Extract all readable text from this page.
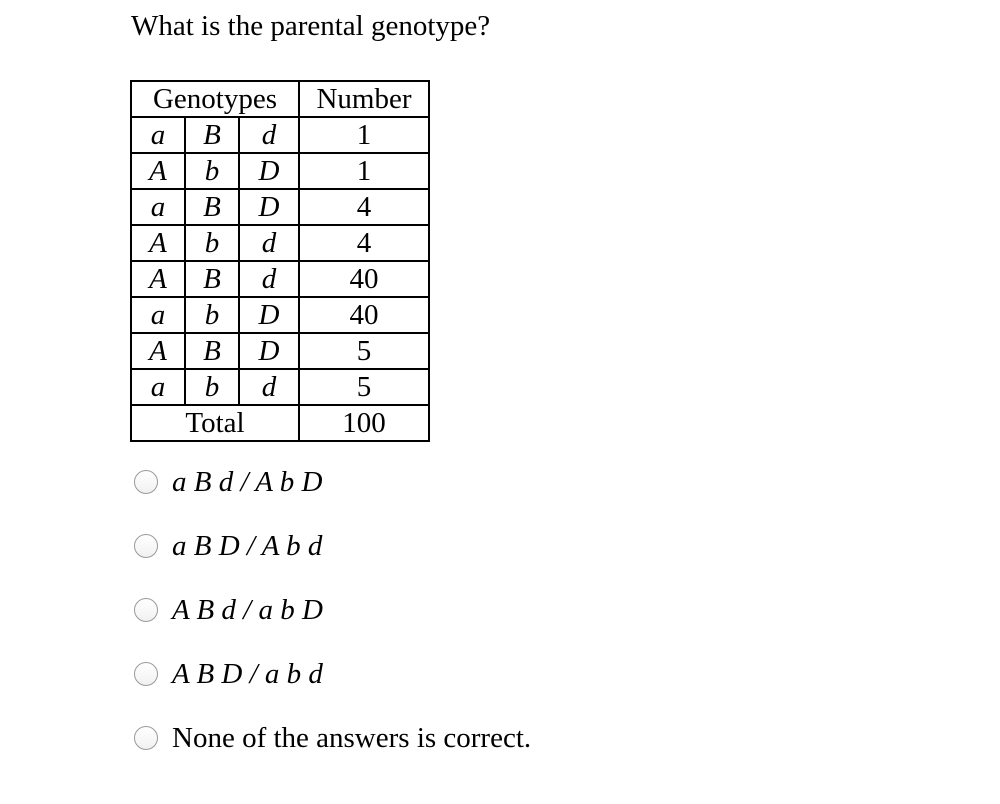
What is the parental genotype?
Genotypes			Number
a	B	d	1
A	b	D	1
a	B	D	4
A	b	d	4
A	B	d	40
a	b	D	40
A	B	D	5
a	b	d	5
Total			100
a B d / A b D
a B D / A b d
A B d / a b D
A B D / a b d
None of the answers is correct.
